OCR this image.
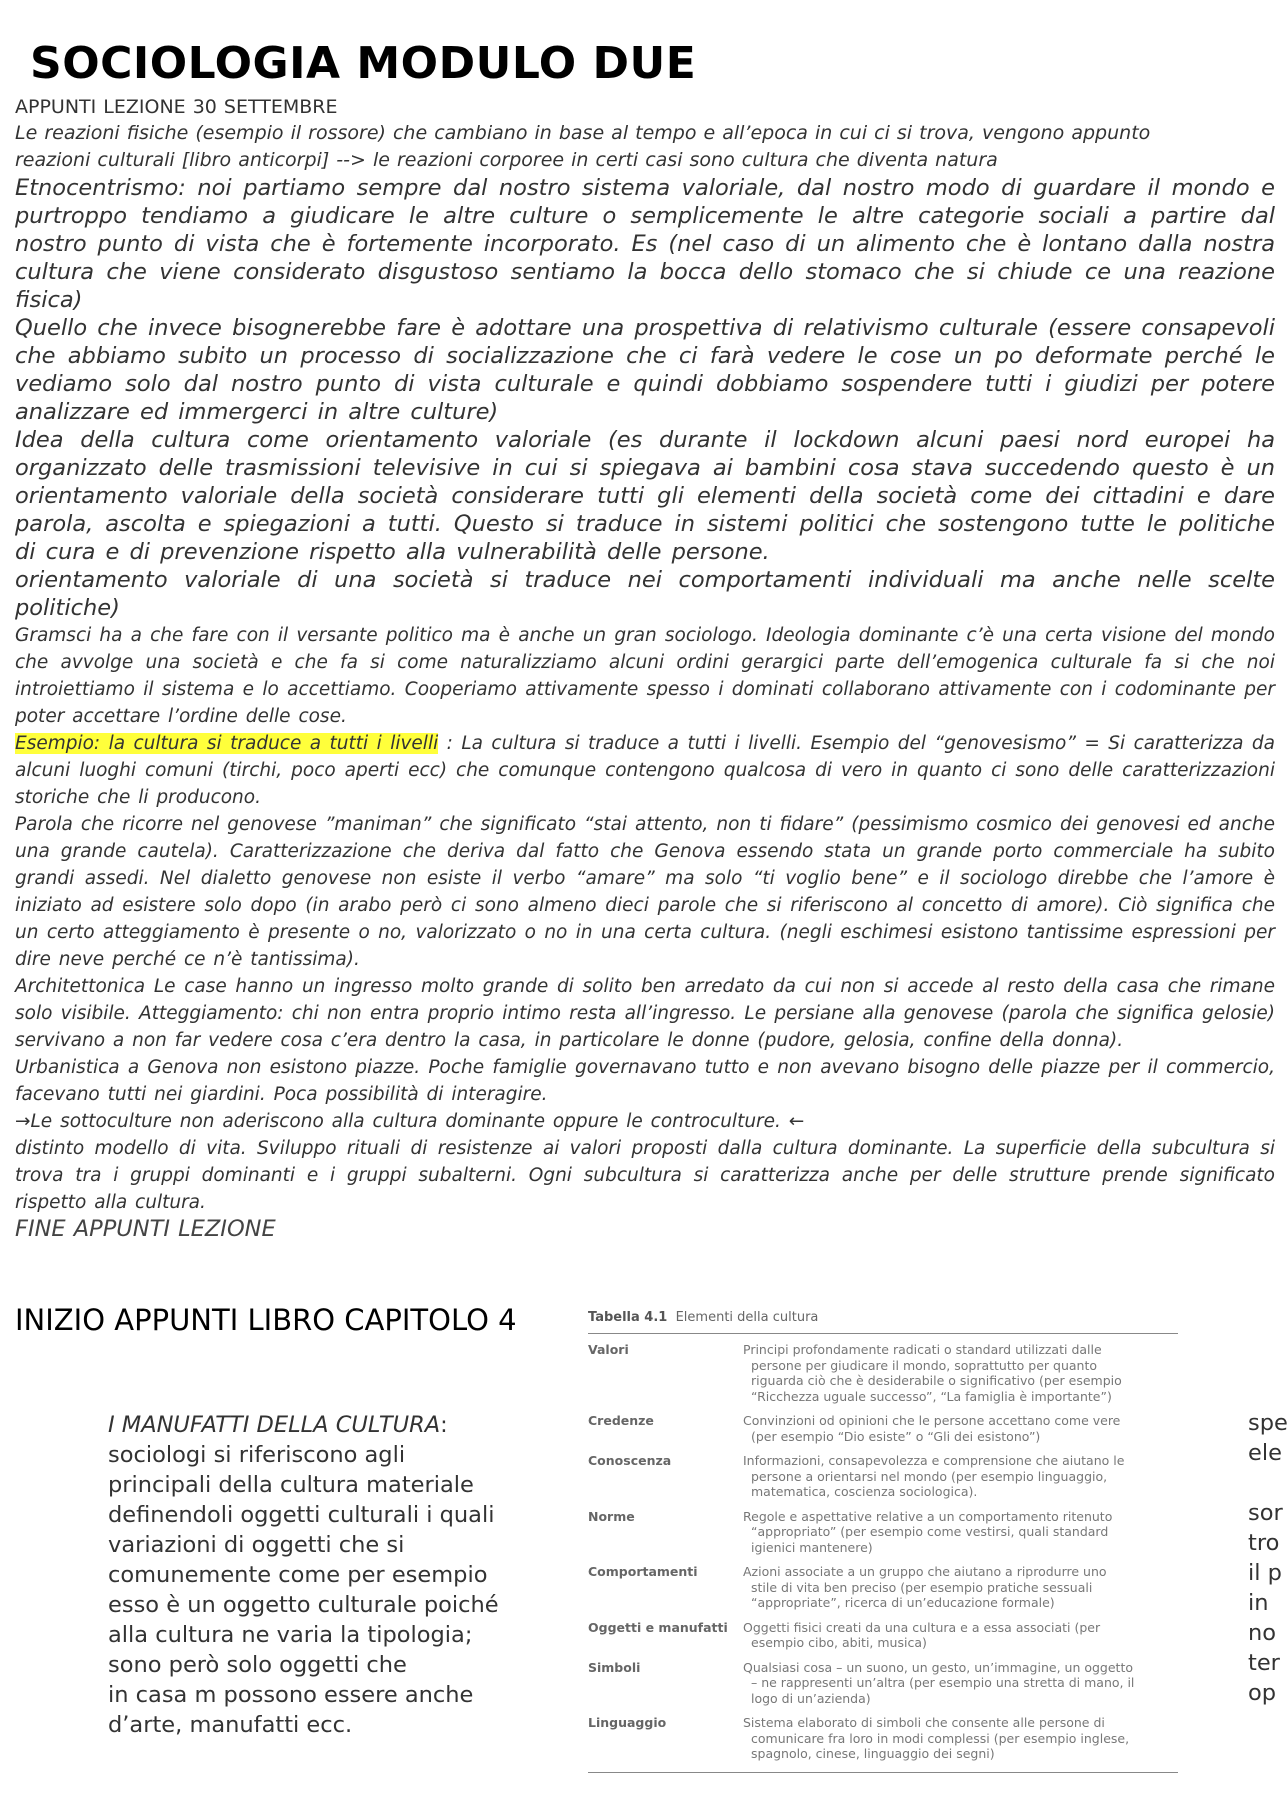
SOCIOLOGIA MODULO DUE

APPUNTI LEZIONE 30 SETTEMBRE

Le reazioni fisiche (esempio il rossore) che cambiano in base al tempo e all’epoca in cui ci si trova, vengono appunto

reazioni culturali [libro anticorpi] --> le reazioni corporee in certi casi sono cultura che diventa natura

Etnocentrismo: noi partiamo sempre dal nostro sistema valoriale, dal nostro modo di guardare il mondo e purtroppo tendiamo a giudicare le altre culture o semplicemente le altre categorie sociali a partire dal nostro punto di vista che è fortemente incorporato. Es (nel caso di un alimento che è lontano dalla nostra cultura che viene considerato disgustoso sentiamo la bocca dello stomaco che si chiude ce una reazione fisica)

Quello che invece bisognerebbe fare è adottare una prospettiva di relativismo culturale (essere consapevoli che abbiamo subito un processo di socializzazione che ci farà vedere le cose un po deformate perché le vediamo solo dal nostro punto di vista culturale e quindi dobbiamo sospendere tutti i giudizi per potere analizzare ed immergerci in altre culture)

Idea della cultura come orientamento valoriale (es durante il lockdown alcuni paesi nord europei ha organizzato delle trasmissioni televisive in cui si spiegava ai bambini cosa stava succedendo questo è un orientamento valoriale della società considerare tutti gli elementi della società come dei cittadini e dare parola, ascolta e spiegazioni a tutti. Questo si traduce in sistemi politici che sostengono tutte le politiche di cura e di prevenzione rispetto alla vulnerabilità delle persone.

orientamento valoriale di una società si traduce nei comportamenti individuali ma anche nelle scelte politiche)

Gramsci ha a che fare con il versante politico ma è anche un gran sociologo. Ideologia dominante c’è una certa visione del mondo che avvolge una società e che fa si come naturalizziamo alcuni ordini gerargici parte dell’emogenica culturale fa si che noi introiettiamo il sistema e lo accettiamo. Cooperiamo attivamente spesso i dominati collaborano attivamente con i codominante per poter accettare l’ordine delle cose.

Esempio: la cultura si traduce a tutti i livelli : La cultura si traduce a tutti i livelli. Esempio del “genovesismo” = Si caratterizza da alcuni luoghi comuni (tirchi, poco aperti ecc) che comunque contengono qualcosa di vero in quanto ci sono delle caratterizzazioni storiche che li producono.

Parola che ricorre nel genovese ”maniman” che significato “stai attento, non ti fidare” (pessimismo cosmico dei genovesi ed anche una grande cautela). Caratterizzazione che deriva dal fatto che Genova essendo stata un grande porto commerciale ha subito grandi assedi. Nel dialetto genovese non esiste il verbo “amare” ma solo “ti voglio bene” e il sociologo direbbe che l’amore è iniziato ad esistere solo dopo (in arabo però ci sono almeno dieci parole che si riferiscono al concetto di amore). Ciò significa che un certo atteggiamento è presente o no, valorizzato o no in una certa cultura. (negli eschimesi esistono tantissime espressioni per dire neve perché ce n’è tantissima).

Architettonica Le case hanno un ingresso molto grande di solito ben arredato da cui non si accede al resto della casa che rimane solo visibile. Atteggiamento: chi non entra proprio intimo resta all’ingresso. Le persiane alla genovese (parola che significa gelosie) servivano a non far vedere cosa c’era dentro la casa, in particolare le donne (pudore, gelosia, confine della donna).

Urbanistica a Genova non esistono piazze. Poche famiglie governavano tutto e non avevano bisogno delle piazze per il commercio, facevano tutti nei giardini. Poca possibilità di interagire.

→Le sottoculture non aderiscono alla cultura dominante oppure le controculture. ←

distinto modello di vita. Sviluppo rituali di resistenze ai valori proposti dalla cultura dominante. La superficie della subcultura si trova tra i gruppi dominanti e i gruppi subalterni. Ogni subcultura si caratterizza anche per delle strutture prende significato rispetto alla cultura.

FINE APPUNTI LEZIONE

INIZIO APPUNTI LIBRO CAPITOLO 4
I MANUFATTI DELLA CULTURA:
sociologi si riferiscono agli
principali della cultura materiale
definendoli oggetti culturali i quali
variazioni di oggetti che si
comunemente come per esempio
esso è un oggetto culturale poiché
alla cultura ne varia la tipologia;
sono però solo oggetti che
in casa m possono essere anche
d’arte, manufatti ecc.
Tabella 4.1 Elementi della cultura
Valori	Principi profondamente radicati o standard utilizzati dalle
persone per giudicare il mondo, soprattutto per quanto
riguarda ciò che è desiderabile o significativo (per esempio
“Ricchezza uguale successo”, “La famiglia è importante”)
Credenze	Convinzioni od opinioni che le persone accettano come vere
(per esempio “Dio esiste” o “Gli dei esistono”)
Conoscenza	Informazioni, consapevolezza e comprensione che aiutano le
persone a orientarsi nel mondo (per esempio linguaggio,
matematica, coscienza sociologica).
Norme	Regole e aspettative relative a un comportamento ritenuto
“appropriato” (per esempio come vestirsi, quali standard
igienici mantenere)
Comportamenti	Azioni associate a un gruppo che aiutano a riprodurre uno
stile di vita ben preciso (per esempio pratiche sessuali
“appropriate”, ricerca di un’educazione formale)
Oggetti e manufatti	Oggetti fisici creati da una cultura e a essa associati (per
esempio cibo, abiti, musica)
Simboli	Qualsiasi cosa – un suono, un gesto, un’immagine, un oggetto
– ne rappresenti un’altra (per esempio una stretta di mano, il
logo di un’azienda)
Linguaggio	Sistema elaborato di simboli che consente alle persone di
comunicare fra loro in modi complessi (per esempio inglese,
spagnolo, cinese, linguaggio dei segni)
spe
ele
sor
tro
il p
in
no
ter
op
